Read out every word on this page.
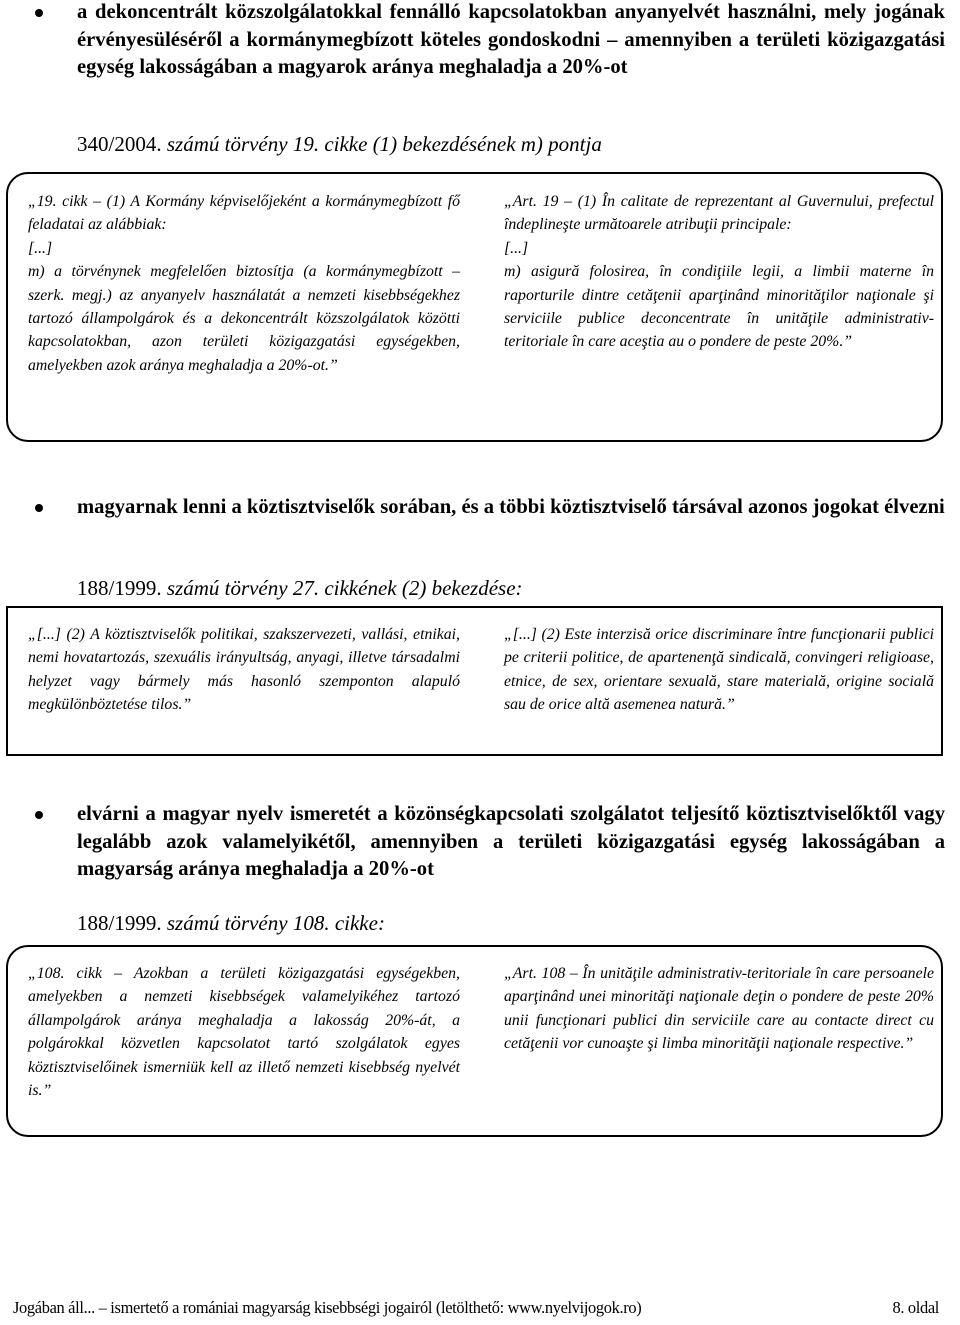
a dekoncentrált közszolgálatokkal fennálló kapcsolatokban anyanyelvét használni, mely jogának érvényesüléséről a kormánymegbízott köteles gondoskodni – amennyiben a területi közigazgatási egység lakosságában a magyarok aránya meghaladja a 20%-ot
340/2004. számú törvény 19. cikke (1) bekezdésének m) pontja

„19. cikk – (1) A Kormány képviselőjeként a kormánymegbízott fő feladatai az alábbiak:
[...]
m) a törvénynek megfelelően biztosítja (a kormánymegbízott – szerk. megj.) az anyanyelv használatát a nemzeti kisebbségekhez tartozó állampolgárok és a dekoncentrált közszolgálatok közötti kapcsolatokban, azon területi közigazgatási egységekben, amelyekben azok aránya meghaladja a 20%-ot.”

„Art. 19 – (1) În calitate de reprezentant al Guvernului, prefectul îndeplineşte următoarele atribuţii principale:
[...]
m) asigură folosirea, în condiţiile legii, a limbii materne în raporturile dintre cetăţenii aparţinând minorităţilor naţionale şi serviciile publice deconcentrate în unităţile administrativ-teritoriale în care aceştia au o pondere de peste 20%.”

magyarnak lenni a köztisztviselők sorában, és a többi köztisztviselő társával azonos jogokat élvezni
188/1999. számú törvény 27. cikkének (2) bekezdése:

„[...] (2) A köztisztviselők politikai, szakszervezeti, vallási, etnikai, nemi hovatartozás, szexuális irányultság, anyagi, illetve társadalmi helyzet vagy bármely más hasonló szemponton alapuló megkülönböztetése tilos.”

„[...] (2) Este interzisă orice discriminare între funcţionarii publici pe criterii politice, de apartenenţă sindicală, convingeri religioase, etnice, de sex, orientare sexuală, stare materială, origine socială sau de orice altă asemenea natură.”

elvárni a magyar nyelv ismeretét a közönségkapcsolati szolgálatot teljesítő köztisztviselőktől vagy legalább azok valamelyikétől, amennyiben a területi közigazgatási egység lakosságában a magyarság aránya meghaladja a 20%-ot
188/1999. számú törvény 108. cikke:

„108. cikk – Azokban a területi közigazgatási egységekben, amelyekben a nemzeti kisebbségek valamelyikéhez tartozó állampolgárok aránya meghaladja a lakosság 20%-át, a polgárokkal közvetlen kapcsolatot tartó szolgálatok egyes köztisztviselőinek ismerniük kell az illető nemzeti kisebbség nyelvét is.”

„Art. 108 – În unităţile administrativ-teritoriale în care persoanele aparţinând unei minorităţi naţionale deţin o pondere de peste 20% unii funcţionari publici din serviciile care au contacte direct cu cetăţenii vor cunoaşte şi limba minorităţii naţionale respective.”

Jogában áll... – ismertető a romániai magyarság kisebbségi jogairól (letölthető: www.nyelvijogok.ro)	8. oldal
